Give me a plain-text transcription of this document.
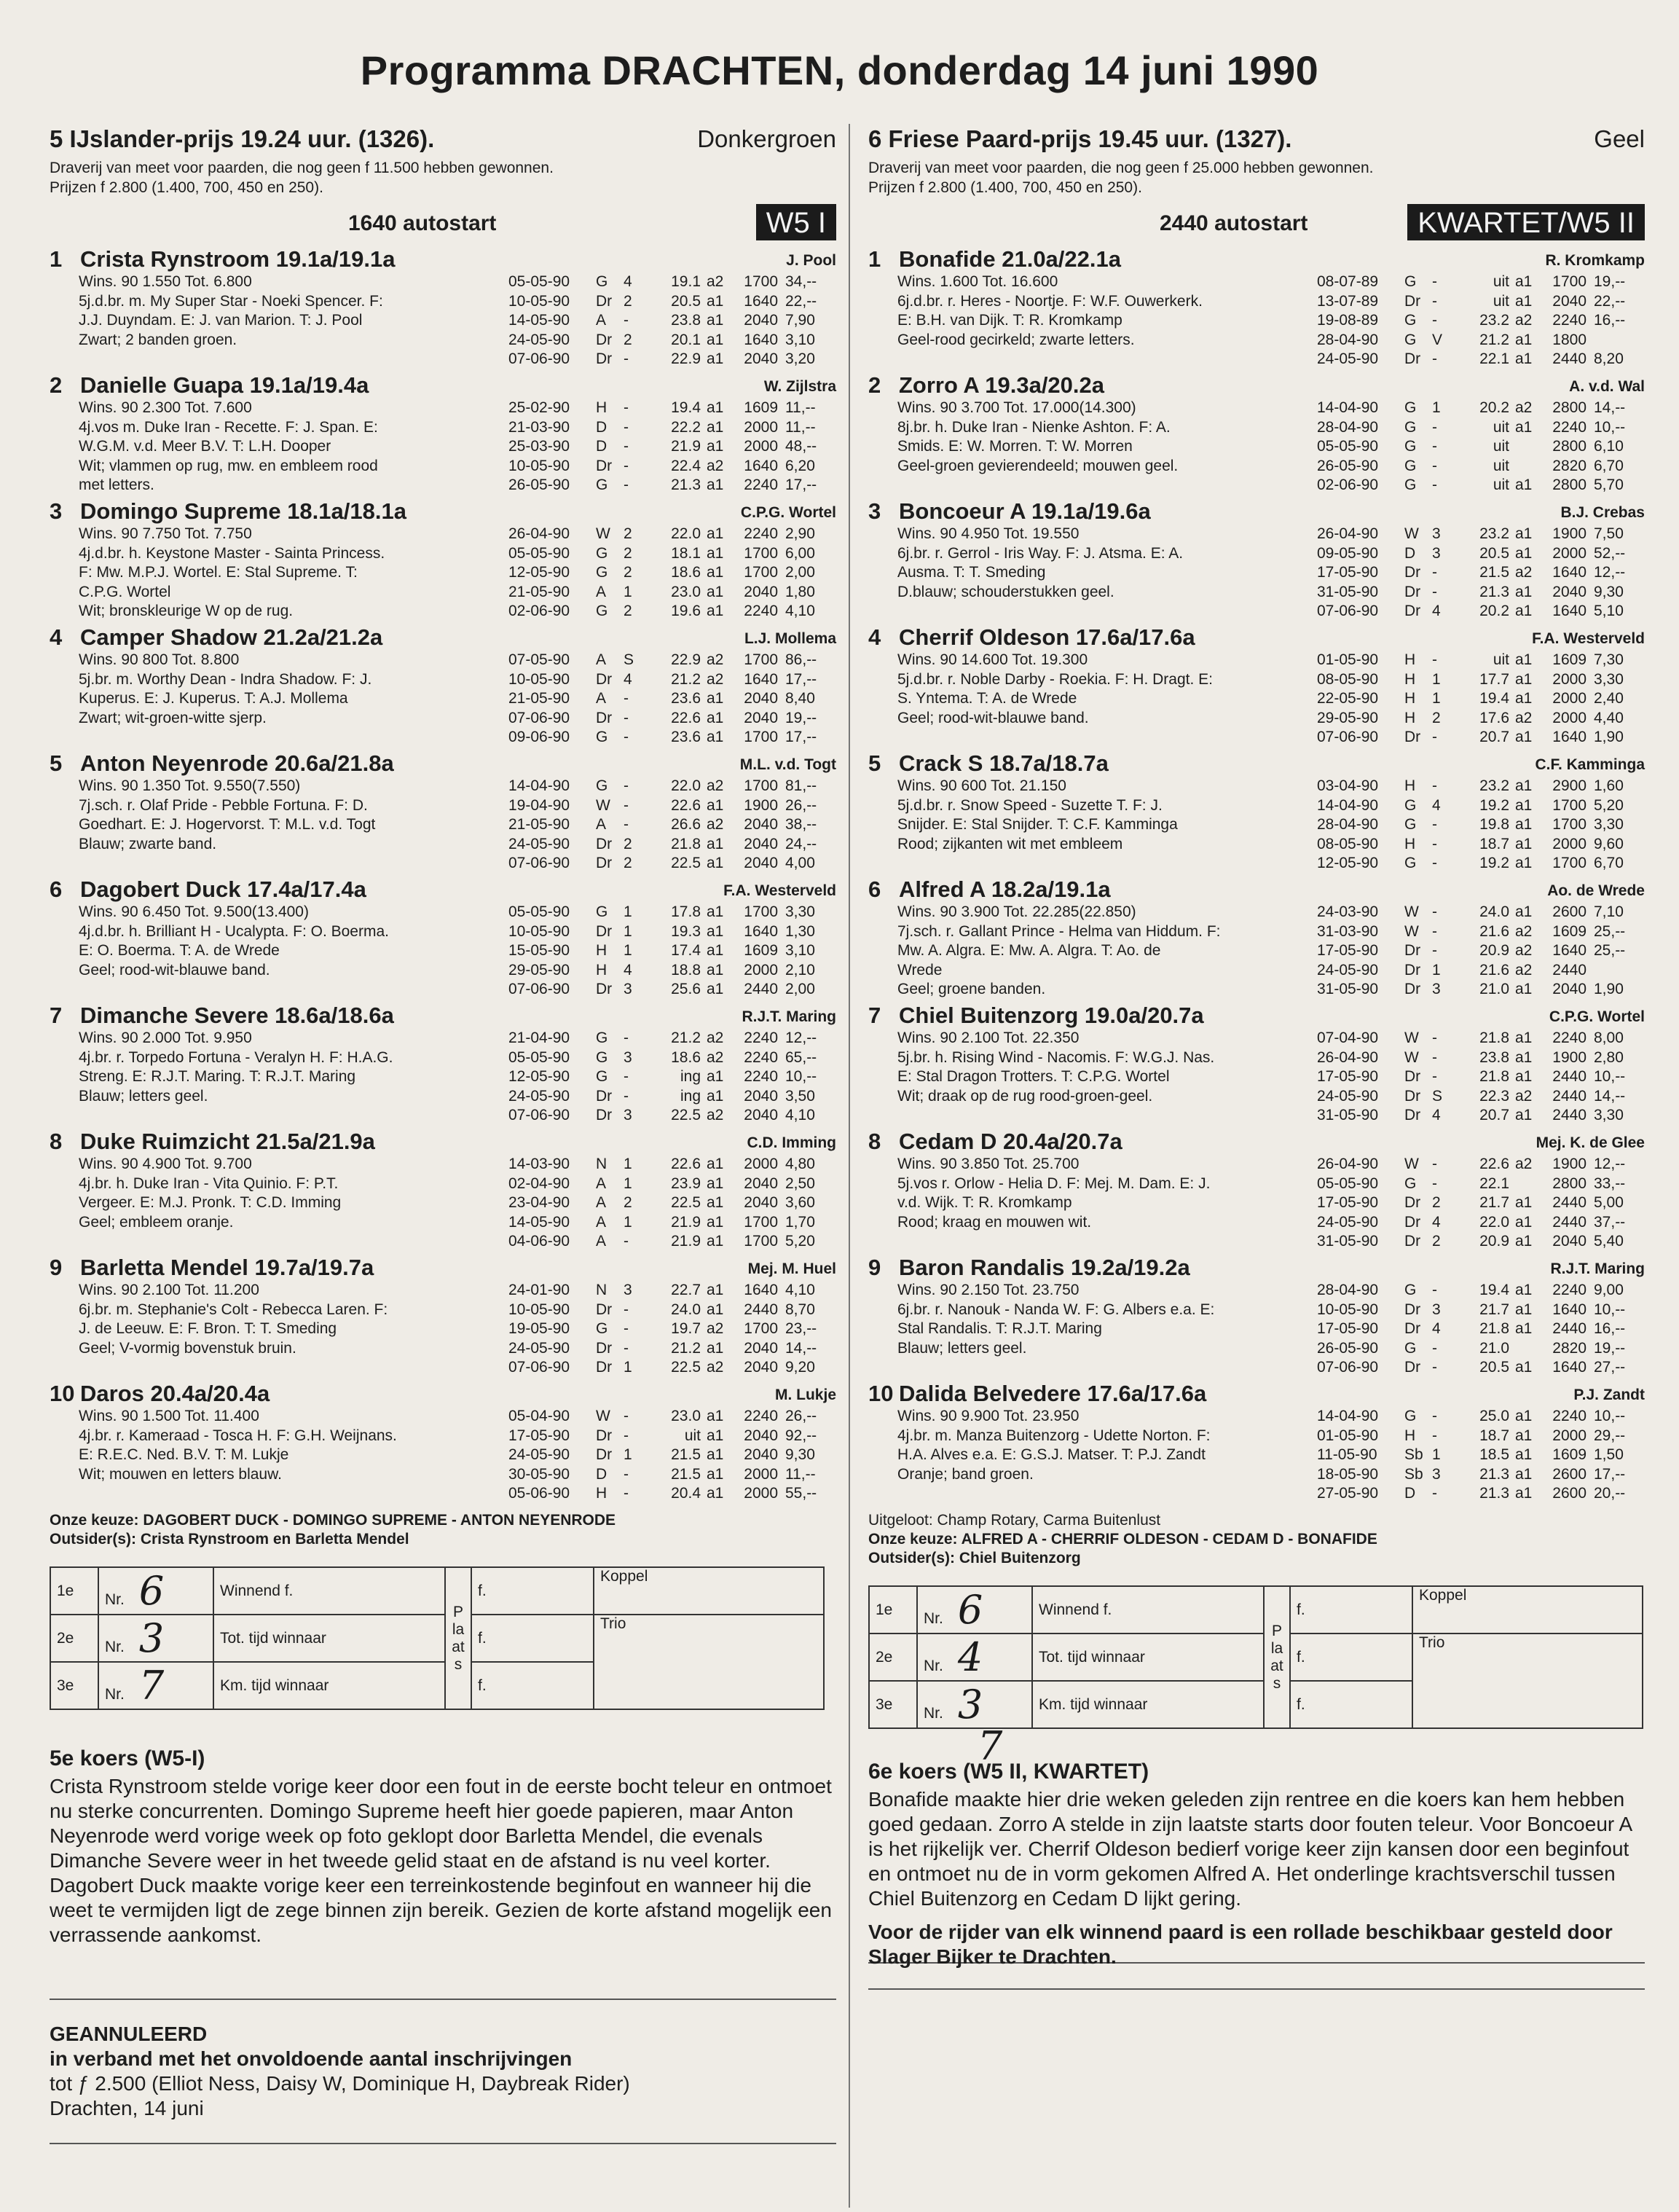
Programma DRACHTEN, donderdag 14 juni 1990
5 IJslander-prijs 19.24 uur. (1326).	Donkergroen
Draverij van meet voor paarden, die nog geen f 11.500 hebben gewonnen.
Prijzen f 2.800 (1.400, 700, 450 en 250).
1640 autostart	W5 I
1 Crista Rynstroom 19.1a/19.1a	J. Pool
Wins. 90 1.550 Tot. 6.800
5j.d.br. m. My Super Star - Noeki Spencer. F:
J.J. Duyndam. E: J. van Marion. T: J. Pool
Zwart; 2 banden groen.
05-05-90	G	4	19.1 a2	1700 34,--
10-05-90	Dr 2	20.5 a1	1640 22,--
14-05-90	A	-	23.8 a1	2040 7,90
24-05-90	Dr 2	20.1 a1	1640 3,10
07-06-90	Dr -	22.9 a1	2040 3,20
2 Danielle Guapa 19.1a/19.4a	W. Zijlstra
Wins. 90 2.300 Tot. 7.600
4j.vos m. Duke Iran - Recette. F: J. Span. E:
W.G.M. v.d. Meer B.V. T: L.H. Dooper
Wit; vlammen op rug, mw. en embleem rood
met letters.
25-02-90	H	-	19.4 a1	1609 11,--
21-03-90	D	-	22.2 a1	2000 11,--
25-03-90	D	-	21.9 a1	2000 48,--
10-05-90	Dr -	22.4 a2	1640 6,20
26-05-90	G	-	21.3 a1	2240 17,--
3 Domingo Supreme 18.1a/18.1a	C.P.G. Wortel
Wins. 90 7.750 Tot. 7.750
4j.d.br. h. Keystone Master - Sainta Princess.
F: Mw. M.P.J. Wortel. E: Stal Supreme. T:
C.P.G. Wortel
Wit; bronskleurige W op de rug.
26-04-90	W 2	22.0 a1	2240 2,90
05-05-90	G	2	18.1 a1	1700 6,00
12-05-90	G	2	18.6 a1	1700 2,00
21-05-90	A	1	23.0 a1	2040 1,80
02-06-90	G	2	19.6 a1	2240 4,10
4 Camper Shadow 21.2a/21.2a	L.J. Mollema
Wins. 90 800 Tot. 8.800
5j.br. m. Worthy Dean - Indra Shadow. F: J.
Kuperus. E: J. Kuperus. T: A.J. Mollema
Zwart; wit-groen-witte sjerp.
07-05-90	A	S	22.9 a2	1700 86,--
10-05-90	Dr 4	21.2 a2	1640 17,--
21-05-90	A	-	23.6 a1	2040 8,40
07-06-90	Dr -	22.6 a1	2040 19,--
09-06-90	G	-	23.6 a1	1700 17,--
5 Anton Neyenrode 20.6a/21.8a	M.L. v.d. Togt
Wins. 90 1.350 Tot. 9.550(7.550)
7j.sch. r. Olaf Pride - Pebble Fortuna. F: D.
Goedhart. E: J. Hogervorst. T: M.L. v.d. Togt
Blauw; zwarte band.
14-04-90	G	-	22.0 a2	1700 81,--
19-04-90	W -	22.6 a1	1900 26,--
21-05-90	A	-	26.6 a2	2040 38,--
24-05-90	Dr 2	21.8 a1	2040 24,--
07-06-90	Dr 2	22.5 a1	2040 4,00
6 Dagobert Duck 17.4a/17.4a	F.A. Westerveld
Wins. 90 6.450 Tot. 9.500(13.400)
4j.d.br. h. Brilliant H - Ucalypta. F: O. Boerma.
E: O. Boerma. T: A. de Wrede
Geel; rood-wit-blauwe band.
05-05-90	G	1	17.8 a1	1700 3,30
10-05-90	Dr 1	19.3 a1	1640 1,30
15-05-90	H	1	17.4 a1	1609 3,10
29-05-90	H	4	18.8 a1	2000 2,10
07-06-90	Dr 3	25.6 a1	2440 2,00
7 Dimanche Severe 18.6a/18.6a	R.J.T. Maring
Wins. 90 2.000 Tot. 9.950
4j.br. r. Torpedo Fortuna - Veralyn H. F: H.A.G.
Streng. E: R.J.T. Maring. T: R.J.T. Maring
Blauw; letters geel.
21-04-90	G	-	21.2 a2	2240 12,--
05-05-90	G	3	18.6 a2	2240 65,--
12-05-90	G	-	ing a1	2240 10,--
24-05-90	Dr -	ing a1	2040 3,50
07-06-90	Dr 3	22.5 a2	2040 4,10
8 Duke Ruimzicht 21.5a/21.9a	C.D. Imming
Wins. 90 4.900 Tot. 9.700
4j.br. h. Duke Iran - Vita Quinio. F: P.T.
Vergeer. E: M.J. Pronk. T: C.D. Imming
Geel; embleem oranje.
14-03-90	N	1	22.6 a1	2000 4,80
02-04-90	A	1	23.9 a1	2040 2,50
23-04-90	A	2	22.5 a1	2040 3,60
14-05-90	A	1	21.9 a1	1700 1,70
04-06-90	A	-	21.9 a1	1700 5,20
9 Barletta Mendel 19.7a/19.7a	Mej. M. Huel
Wins. 90 2.100 Tot. 11.200
6j.br. m. Stephanie's Colt - Rebecca Laren. F:
J. de Leeuw. E: F. Bron. T: T. Smeding
Geel; V-vormig bovenstuk bruin.
24-01-90	N	3	22.7 a1	1640 4,10
10-05-90	Dr -	24.0 a1	2440 8,70
19-05-90	G	-	19.7 a2	1700 23,--
24-05-90	Dr -	21.2 a1	2040 14,--
07-06-90	Dr 1	22.5 a2	2040 9,20
10 Daros 20.4a/20.4a	M. Lukje
Wins. 90 1.500 Tot. 11.400
4j.br. r. Kameraad - Tosca H. F: G.H. Weijnans.
E: R.E.C. Ned. B.V. T: M. Lukje
Wit; mouwen en letters blauw.
05-04-90	W -	23.0 a1	2240 26,--
17-05-90	Dr -	uit a1	2040 92,--
24-05-90	Dr 1	21.5 a1	2040 9,30
30-05-90	D	-	21.5 a1	2000 11,--
05-06-90	H	-	20.4 a1	2000 55,--
Onze keuze: DAGOBERT DUCK - DOMINGO SUPREME - ANTON NEYENRODE
Outsider(s): Crista Rynstroom en Barletta Mendel
1e	Nr. 6	Winnend f.	Plaats	f.	Koppel

2e	Nr. 3	Tot. tijd winnaar		f.	Trio

3e	Nr. 7	Km. tijd winnaar		f.	
5e koers (W5-I)
Crista Rynstroom stelde vorige keer door een fout in de eerste bocht teleur en ontmoet nu sterke concurrenten. Domingo Supreme heeft hier goede papieren, maar Anton Neyenrode werd vorige week op foto geklopt door Barletta Mendel, die evenals Dimanche Severe weer in het tweede gelid staat en de afstand is nu veel korter. Dagobert Duck maakte vorige keer een terreinkostende beginfout en wanneer hij die weet te vermijden ligt de zege binnen zijn bereik. Gezien de korte afstand mogelijk een verrassende aankomst.
GEANNULEERD
in verband met het onvoldoende aantal inschrijvingen
tot ƒ 2.500 (Elliot Ness, Daisy W, Dominique H, Daybreak Rider)
Drachten, 14 juni
6 Friese Paard-prijs 19.45 uur. (1327).	Geel
Draverij van meet voor paarden, die nog geen f 25.000 hebben gewonnen.
Prijzen f 2.800 (1.400, 700, 450 en 250).
2440 autostart	KWARTET/W5 II
1 Bonafide 21.0a/22.1a	R. Kromkamp
Wins. 1.600 Tot. 16.600
6j.d.br. r. Heres - Noortje. F: W.F. Ouwerkerk.
E: B.H. van Dijk. T: R. Kromkamp
Geel-rood gecirkeld; zwarte letters.
08-07-89	G	-	uit a1	1700 19,--
13-07-89	Dr -	uit a1	2040 22,--
19-08-89	G	-	23.2 a2	2240 16,--
28-04-90	G	V	21.2 a1	1800
24-05-90	Dr -	22.1 a1	2440 8,20
2 Zorro A 19.3a/20.2a	A. v.d. Wal
Wins. 90 3.700 Tot. 17.000(14.300)
8j.br. h. Duke Iran - Nienke Ashton. F: A.
Smids. E: W. Morren. T: W. Morren
Geel-groen gevierendeeld; mouwen geel.
14-04-90	G	1	20.2 a2	2800 14,--
28-04-90	G	-	uit a1	2240 10,--
05-05-90	G	-	uit	2800 6,10
26-05-90	G	-	uit	2820 6,70
02-06-90	G	-	uit a1	2800 5,70
3 Boncoeur A 19.1a/19.6a	B.J. Crebas
Wins. 90 4.950 Tot. 19.550
6j.br. r. Gerrol - Iris Way. F: J. Atsma. E: A.
Ausma. T: T. Smeding
D.blauw; schouderstukken geel.
26-04-90	W 3	23.2 a1	1900 7,50
09-05-90	D	3	20.5 a1	2000 52,--
17-05-90	Dr -	21.5 a2	1640 12,--
31-05-90	Dr -	21.3 a1	2040 9,30
07-06-90	Dr 4	20.2 a1	1640 5,10
4 Cherrif Oldeson 17.6a/17.6a	F.A. Westerveld
Wins. 90 14.600 Tot. 19.300
5j.d.br. r. Noble Darby - Roekia. F: H. Dragt. E:
S. Yntema. T: A. de Wrede
Geel; rood-wit-blauwe band.
01-05-90	H	-	uit a1	1609 7,30
08-05-90	H	1	17.7 a1	2000 3,30
22-05-90	H	1	19.4 a1	2000 2,40
29-05-90	H	2	17.6 a2	2000 4,40
07-06-90	Dr -	20.7 a1	1640 1,90
5 Crack S 18.7a/18.7a	C.F. Kamminga
Wins. 90 600 Tot. 21.150
5j.d.br. r. Snow Speed - Suzette T. F: J.
Snijder. E: Stal Snijder. T: C.F. Kamminga
Rood; zijkanten wit met embleem
03-04-90	H	-	23.2 a1	2900 1,60
14-04-90	G	4	19.2 a1	1700 5,20
28-04-90	G	-	19.8 a1	1700 3,30
08-05-90	H	-	18.7 a1	2000 9,60
12-05-90	G	-	19.2 a1	1700 6,70
6 Alfred A 18.2a/19.1a	Ao. de Wrede
Wins. 90 3.900 Tot. 22.285(22.850)
7j.sch. r. Gallant Prince - Helma van Hiddum. F:
Mw. A. Algra. E: Mw. A. Algra. T: Ao. de
Wrede
Geel; groene banden.
24-03-90	W -	24.0 a1	2600 7,10
31-03-90	W -	21.6 a2	1609 25,--
17-05-90	Dr -	20.9 a2	1640 25,--
24-05-90	Dr 1	21.6 a2	2440
31-05-90	Dr 3	21.0 a1	2040 1,90
7 Chiel Buitenzorg 19.0a/20.7a	C.P.G. Wortel
Wins. 90 2.100 Tot. 22.350
5j.br. h. Rising Wind - Nacomis. F: W.G.J. Nas.
E: Stal Dragon Trotters. T: C.P.G. Wortel
Wit; draak op de rug rood-groen-geel.
07-04-90	W -	21.8 a1	2240 8,00
26-04-90	W -	23.8 a1	1900 2,80
17-05-90	Dr -	21.8 a1	2440 10,--
24-05-90	Dr S	22.3 a2	2440 14,--
31-05-90	Dr 4	20.7 a1	2440 3,30
8 Cedam D 20.4a/20.7a	Mej. K. de Glee
Wins. 90 3.850 Tot. 25.700
5j.vos r. Orlow - Helia D. F: Mej. M. Dam. E: J.
v.d. Wijk. T: R. Kromkamp
Rood; kraag en mouwen wit.
26-04-90	W -	22.6 a2	1900 12,--
05-05-90	G	-	22.1	2800 33,--
17-05-90	Dr 2	21.7 a1	2440 5,00
24-05-90	Dr 4	22.0 a1	2440 37,--
31-05-90	Dr 2	20.9 a1	2040 5,40
9 Baron Randalis 19.2a/19.2a	R.J.T. Maring
Wins. 90 2.150 Tot. 23.750
6j.br. r. Nanouk - Nanda W. F: G. Albers e.a. E:
Stal Randalis. T: R.J.T. Maring
Blauw; letters geel.
28-04-90	G	-	19.4 a1	2240 9,00
10-05-90	Dr 3	21.7 a1	1640 10,--
17-05-90	Dr 4	21.8 a1	2440 16,--
26-05-90	G	-	21.0	2820 19,--
07-06-90	Dr -	20.5 a1	1640 27,--
10 Dalida Belvedere 17.6a/17.6a	P.J. Zandt
Wins. 90 9.900 Tot. 23.950
4j.br. m. Manza Buitenzorg - Udette Norton. F:
H.A. Alves e.a. E: G.S.J. Matser. T: P.J. Zandt
Oranje; band groen.
14-04-90	G	-	25.0 a1	2240 10,--
01-05-90	H	-	18.7 a1	2000 29,--
11-05-90	Sb 1	18.5 a1	1609 1,50
18-05-90	Sb 3	21.3 a1	2600 17,--
27-05-90	D	-	21.3 a1	2600 20,--
Uitgeloot: Champ Rotary, Carma Buitenlust
Onze keuze: ALFRED A - CHERRIF OLDESON - CEDAM D - BONAFIDE
Outsider(s): Chiel Buitenzorg
1e	Nr. 6	Winnend f.	Plaats	f.	Koppel

2e	Nr. 4	Tot. tijd winnaar		f.	Trio

3e	Nr. 3	Km. tijd winnaar		f.	
7
6e koers (W5 II, KWARTET)
Bonafide maakte hier drie weken geleden zijn rentree en die koers kan hem hebben goed gedaan. Zorro A stelde in zijn laatste starts door fouten teleur. Voor Boncoeur A is het rijkelijk ver. Cherrif Oldeson bedierf vorige keer zijn kansen door een beginfout en ontmoet nu de in vorm gekomen Alfred A. Het onderlinge krachtsverschil tussen Chiel Buitenzorg en Cedam D lijkt gering.
Voor de rijder van elk winnend paard is een rollade beschikbaar gesteld door Slager Bijker te Drachten.
